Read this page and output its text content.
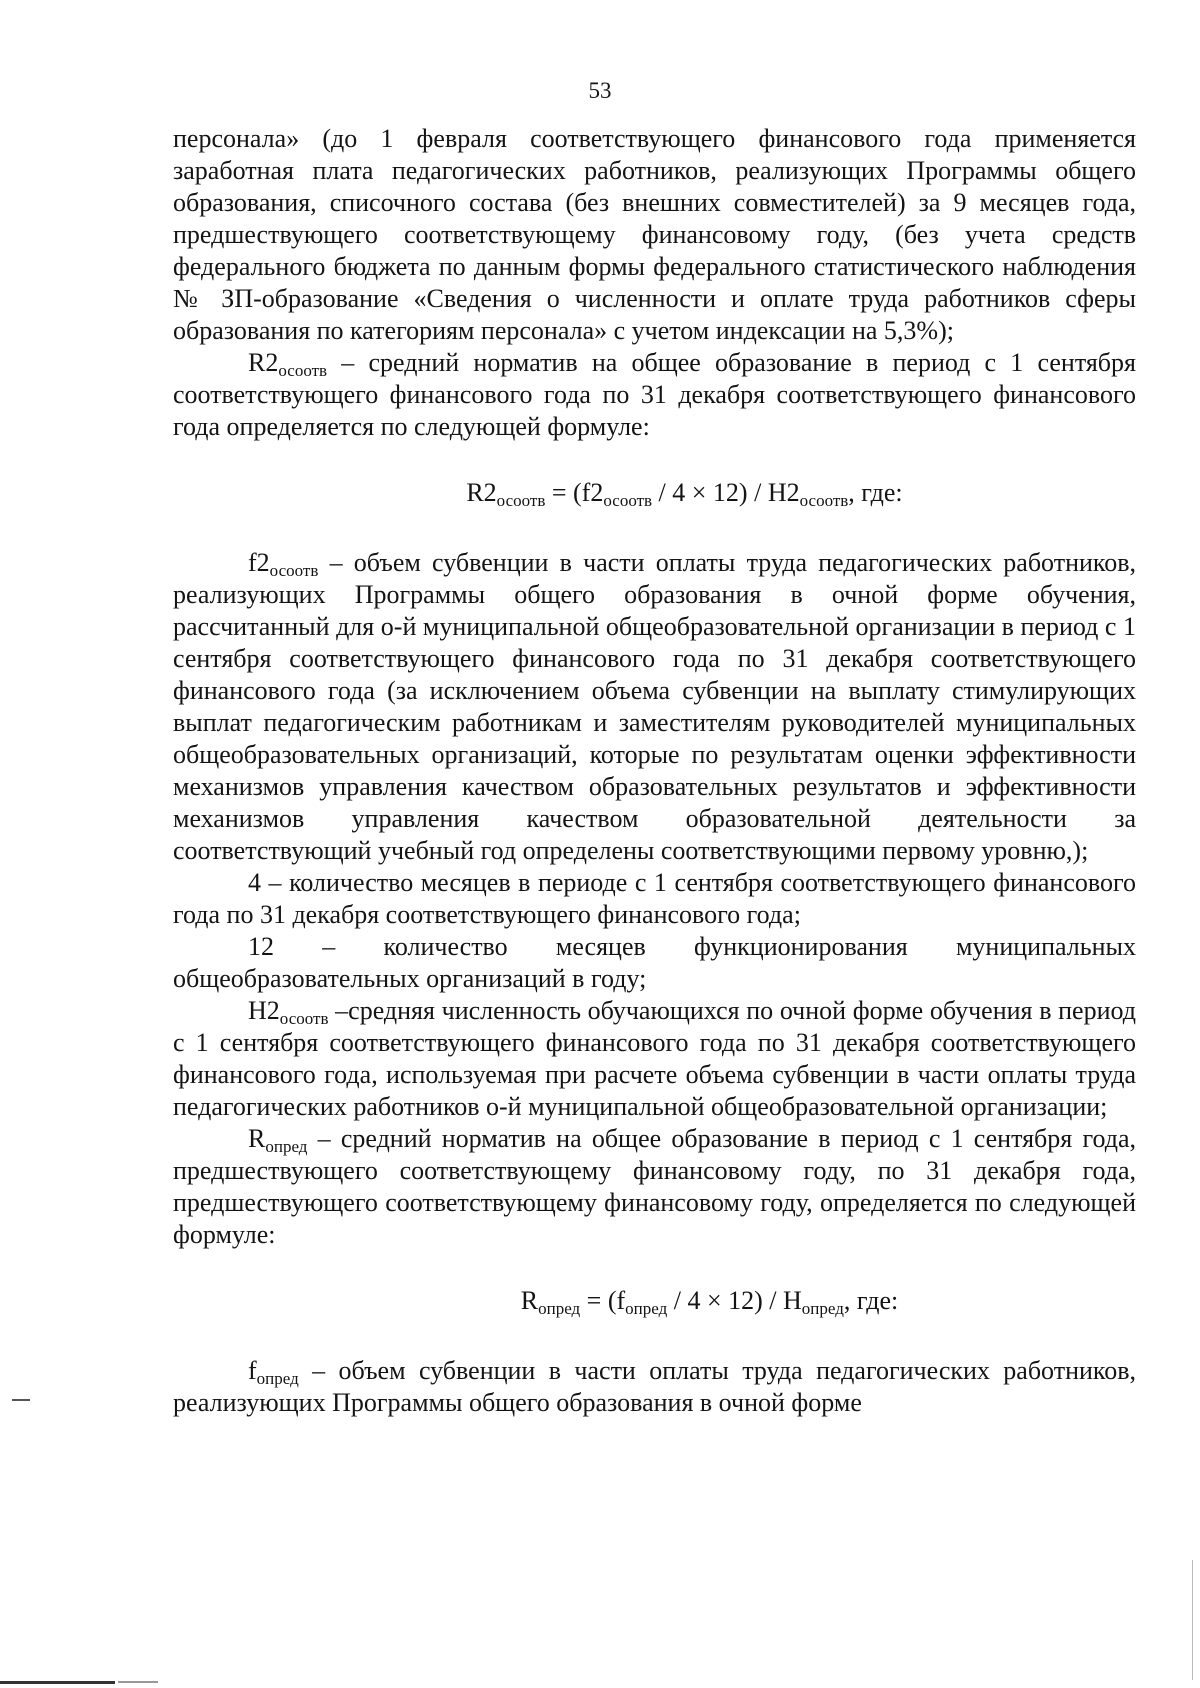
53

персонала» (до 1 февраля соответствующего финансового года применяется заработная плата педагогических работников, реализующих Программы общего образования, списочного состава (без внешних совместителей) за 9 месяцев года, предшествующего соответствующему финансовому году, (без учета средств федерального бюджета по данным формы федерального статистического наблюдения № ЗП-образование «Сведения о численности и оплате труда работников сферы образования по категориям персонала» с учетом индексации на 5,3%);

$R2_{осоотв}$ – средний норматив на общее образование в период с 1 сентября соответствующего финансового года по 31 декабря соответствующего финансового года определяется по следующей формуле:

$R2_{осоотв} = (f2_{осоотв} / 4 \times 12) / Н2_{осоотв}$, где:

$f2_{осоотв}$ – объем субвенции в части оплаты труда педагогических работников, реализующих Программы общего образования в очной форме обучения, рассчитанный для о-й муниципальной общеобразовательной организации в период с 1 сентября соответствующего финансового года по 31 декабря соответствующего финансового года (за исключением объема субвенции на выплату стимулирующих выплат педагогическим работникам и заместителям руководителей муниципальных общеобразовательных организаций, которые по результатам оценки эффективности механизмов управления качеством образовательных результатов и эффективности механизмов управления качеством образовательной деятельности за соответствующий учебный год определены соответствующими первому уровню,);

4 – количество месяцев в периоде с 1 сентября соответствующего финансового года по 31 декабря соответствующего финансового года;

12 – количество месяцев функционирования муниципальных общеобразовательных организаций в году;

$Н2_{осоотв}$ –средняя численность обучающихся по очной форме обучения в период с 1 сентября соответствующего финансового года по 31 декабря соответствующего финансового года, используемая при расчете объема субвенции в части оплаты труда педагогических работников о-й муниципальной общеобразовательной организации;

$R_{опред}$ – средний норматив на общее образование в период с 1 сентября года, предшествующего соответствующему финансовому году, по 31 декабря года, предшествующего соответствующему финансовому году, определяется по следующей формуле:

$R_{опред} = (f_{опред} / 4 \times 12) / Н_{опред}$, где:

$f_{опред}$ – объем субвенции в части оплаты труда педагогических работников, реализующих Программы общего образования в очной форме
